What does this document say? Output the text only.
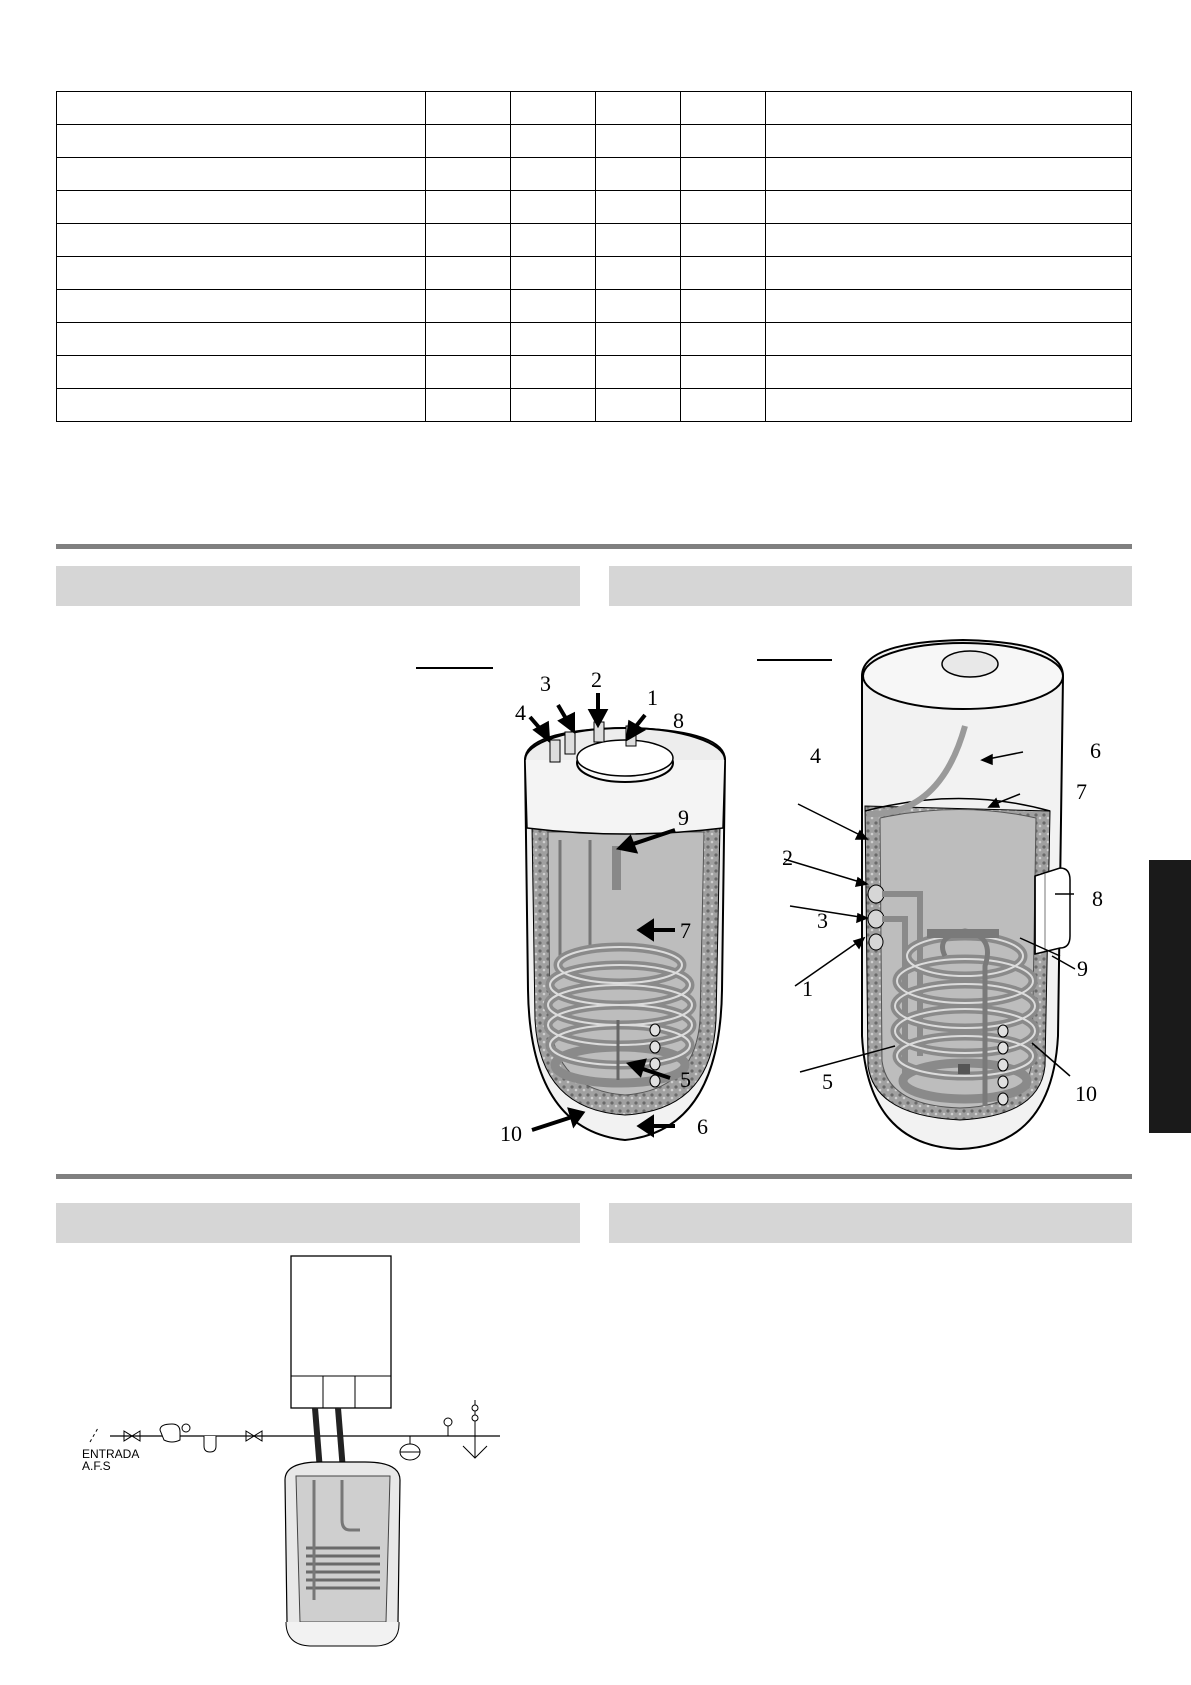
1
2
3
4
5
6
7
8
9
10
6
7
8
9
10
4
2
3
1
5
ENTRADA
A.F.S
